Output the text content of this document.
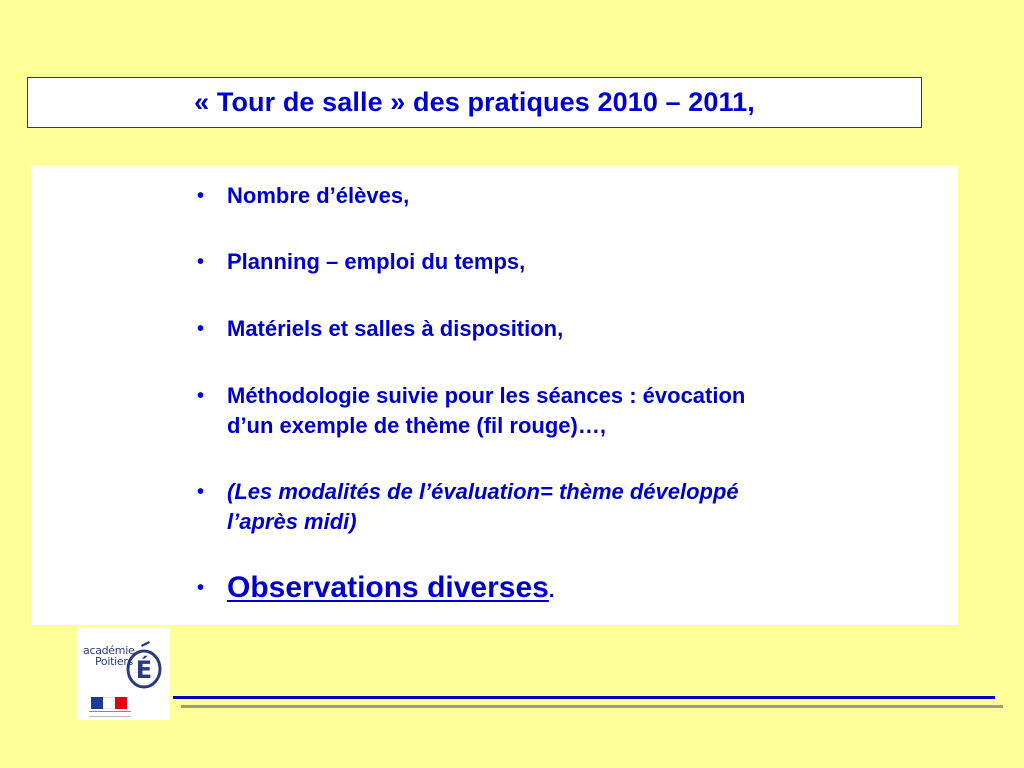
« Tour de salle » des pratiques 2010 – 2011,
• Nombre d’élèves,
• Planning – emploi du temps,
• Matériels et salles à disposition,
• Méthodologie suivie pour les séances : évocation
d’un exemple de thème (fil rouge)…,
• (Les modalités de l’évaluation= thème développé
l’après midi)
• Observations diverses.
académie
Poitiers É
